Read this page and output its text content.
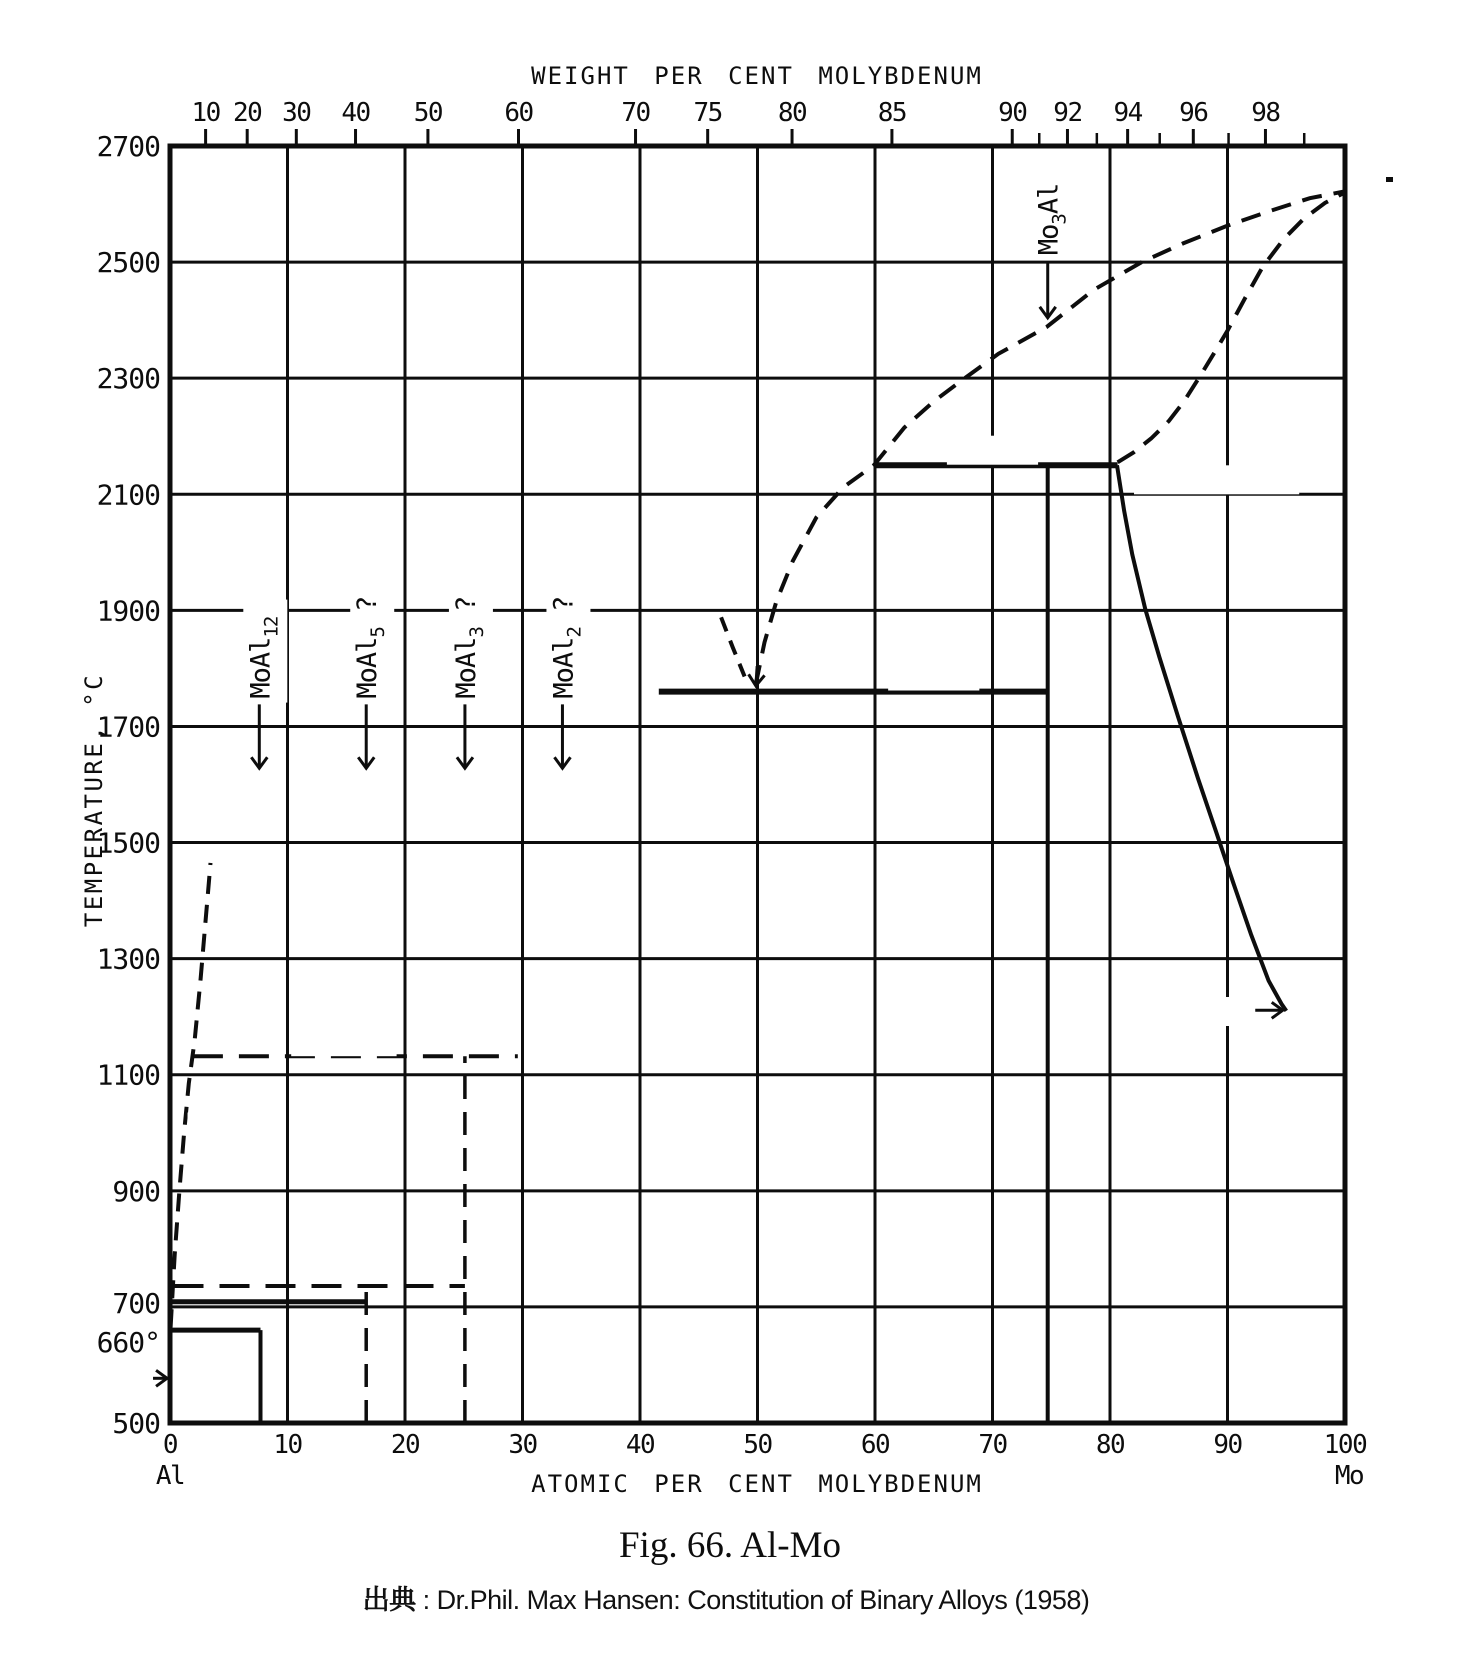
10 20 30 40 50 60	70 75 80	85	90 92 94 96 98
WEIGHT PER CENT MOLYBDENUM
0	10	20	30	40	50	60	70	80	90	100
Al	Mo
ATOMIC PER CENT MOLYBDENUM
2700
2500
2300
2100
1900
1700
1500
1300
1100
900
700
500
660°
TEMPERATURE, °C
MoAl$_{12}$
MoAl$_5$ ?
MoAl$_3$ ?
MoAl$_2$ ?
$Mo_3Al$
Fig. 66. Al-Mo
出典 : Dr.Phil. Max Hansen: Constitution of Binary Alloys (1958)
